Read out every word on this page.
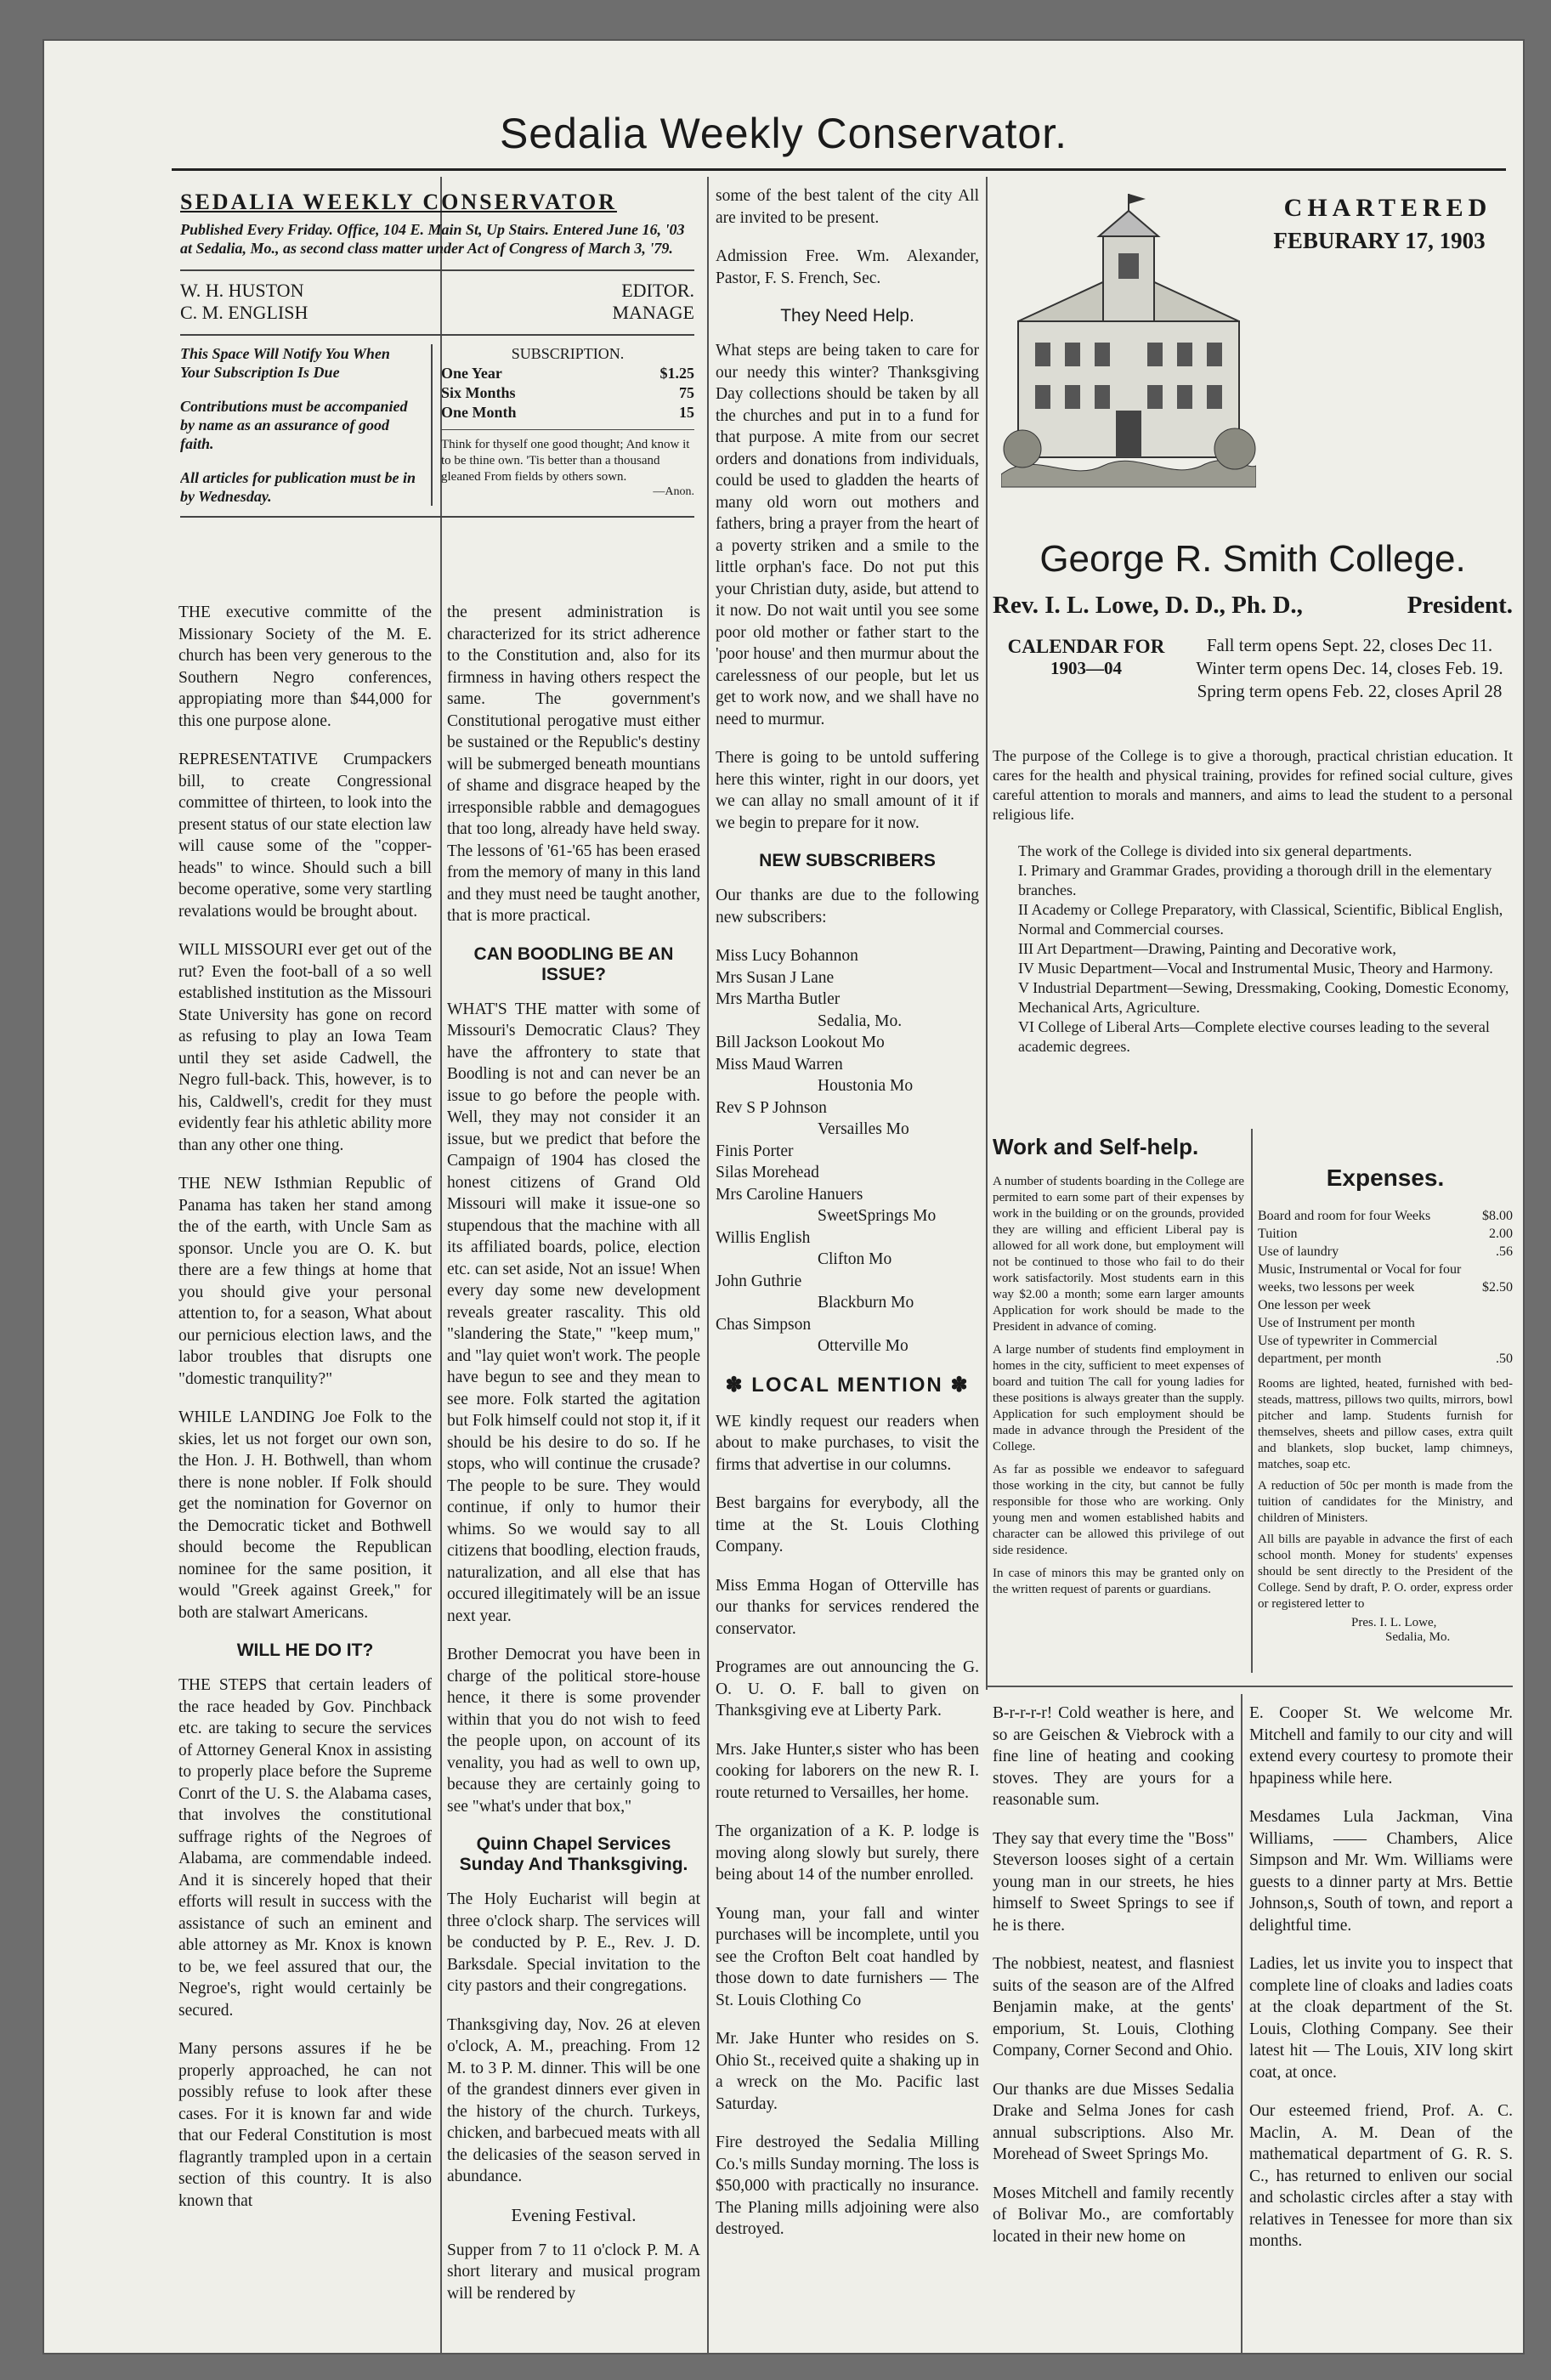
Sedalia Weekly Conservator.
SEDALIA WEEKLY CONSERVATOR
Published Every Friday. Office, 104 E. Main St, Up Stairs. Entered June 16, '03 at Sedalia, Mo., as second class matter under Act of Congress of March 3, '79.
W. H. HUSTON	EDITOR.
C. M. ENGLISH	MANAGE
This Space Will Notify You When Your Subscription Is Due
Contributions must be accompanied by name as an assurance of good faith.
All articles for publication must be in by Wednesday.
SUBSCRIPTION.
One Year	$1.25
Six Months	75
One Month	15
Think for thyself one good thought; And know it to be thine own. 'Tis better than a thousand gleaned From fields by others sown.
—Anon.

THE executive committe of the Missionary Society of the M. E. church has been very generous to the Southern Negro conferences, appropiating more than $44,000 for this one purpose alone.

REPRESENTATIVE Crumpackers bill, to create Congressional committee of thirteen, to look into the present status of our state election law will cause some of the "copper-heads" to wince. Should such a bill become operative, some very startling revalations would be brought about.

WILL MISSOURI ever get out of the rut? Even the foot-ball of a so well established institution as the Missouri State University has gone on record as refusing to play an Iowa Team until they set aside Cadwell, the Negro full-back. This, however, is to his, Caldwell's, credit for they must evidently fear his athletic ability more than any other one thing.

THE NEW Isthmian Republic of Panama has taken her stand among the of the earth, with Uncle Sam as sponsor. Uncle you are O. K. but there are a few things at home that you should give your personal attention to, for a season, What about our pernicious election laws, and the labor troubles that disrupts one "domestic tranquility?"

WHILE LANDING Joe Folk to the skies, let us not forget our own son, the Hon. J. H. Bothwell, than whom there is none nobler. If Folk should get the nomination for Governor on the Democratic ticket and Bothwell should become the Republican nominee for the same position, it would "Greek against Greek," for both are stalwart Americans.

WILL HE DO IT?

THE STEPS that certain leaders of the race headed by Gov. Pinchback etc. are taking to secure the services of Attorney General Knox in assisting to properly place before the Supreme Conrt of the U. S. the Alabama cases, that involves the constitutional suffrage rights of the Negroes of Alabama, are commendable indeed. And it is sincerely hoped that their efforts will result in success with the assistance of such an eminent and able attorney as Mr. Knox is known to be, we feel assured that our, the Negroe's, right would certainly be secured.

Many persons assures if he be properly approached, he can not possibly refuse to look after these cases. For it is known far and wide that our Federal Constitution is most flagrantly trampled upon in a certain section of this country. It is also known that

the present administration is characterized for its strict adherence to the Constitution and, also for its firmness in having others respect the same. The government's Constitutional perogative must either be sustained or the Republic's destiny will be submerged beneath mountians of shame and disgrace heaped by the irresponsible rabble and demagogues that too long, already have held sway. The lessons of '61-'65 has been erased from the memory of many in this land and they must need be taught another, that is more practical.

CAN BOODLING BE AN ISSUE?

WHAT'S THE matter with some of Missouri's Democratic Claus? They have the affrontery to state that Boodling is not and can never be an issue to go before the people with. Well, they may not consider it an issue, but we predict that before the Campaign of 1904 has closed the honest citizens of Grand Old Missouri will make it issue-one so stupendous that the machine with all its affiliated boards, police, election etc. can set aside, Not an issue! When every day some new development reveals greater rascality. This old "slandering the State," "keep mum," and "lay quiet won't work. The people have begun to see and they mean to see more. Folk started the agitation but Folk himself could not stop it, if it should be his desire to do so. If he stops, who will continue the crusade? The people to be sure. They would continue, if only to humor their whims. So we would say to all citizens that boodling, election frauds, naturalization, and all else that has occured illegitimately will be an issue next year.

Brother Democrat you have been in charge of the political store-house hence, it there is some provender within that you do not wish to feed the people upon, on account of its venality, you had as well to own up, because they are certainly going to see "what's under that box,"

Quinn Chapel Services Sunday And Thanksgiving.

The Holy Eucharist will begin at three o'clock sharp. The services will be conducted by P. E., Rev. J. D. Barksdale. Special invitation to the city pastors and their congregations.

Thanksgiving day, Nov. 26 at eleven o'clock, A. M., preaching. From 12 M. to 3 P. M. dinner. This will be one of the grandest dinners ever given in the history of the church. Turkeys, chicken, and barbecued meats with all the delicasies of the season served in abundance.

Evening Festival.

Supper from 7 to 11 o'clock P. M. A short literary and musical program will be rendered by

some of the best talent of the city All are invited to be present.

Admission Free. Wm. Alexander, Pastor, F. S. French, Sec.

They Need Help.

What steps are being taken to care for our needy this winter? Thanksgiving Day collections should be taken by all the churches and put in to a fund for that purpose. A mite from our secret orders and donations from individuals, could be used to gladden the hearts of many old worn out mothers and fathers, bring a prayer from the heart of a poverty striken and a smile to the little orphan's face. Do not put this your Christian duty, aside, but attend to it now. Do not wait until you see some poor old mother or father start to the 'poor house' and then murmur about the carelessness of our people, but let us get to work now, and we shall have no need to murmur.

There is going to be untold suffering here this winter, right in our doors, yet we can allay no small amount of it if we begin to prepare for it now.

NEW SUBSCRIBERS

Our thanks are due to the following new subscribers:

Miss Lucy Bohannon
Mrs Susan J Lane
Mrs Martha Butler
Sedalia, Mo.
Bill Jackson Lookout Mo
Miss Maud Warren
Houstonia Mo
Rev S P Johnson
Versailles Mo
Finis Porter
Silas Morehead
Mrs Caroline Hanuers
SweetSprings Mo
Willis English
Clifton Mo
John Guthrie
Blackburn Mo
Chas Simpson
Otterville Mo
✽ LOCAL MENTION ✽

WE kindly request our readers when about to make purchases, to visit the firms that advertise in our columns.

Best bargains for everybody, all the time at the St. Louis Clothing Company.

Miss Emma Hogan of Otterville has our thanks for services rendered the conservator.

Programes are out announcing the G. O. U. O. F. ball to given on Thanksgiving eve at Liberty Park.

Mrs. Jake Hunter,s sister who has been cooking for laborers on the new R. I. route returned to Versailles, her home.

The organization of a K. P. lodge is moving along slowly but surely, there being about 14 of the number enrolled.

Young man, your fall and winter purchases will be incomplete, until you see the Crofton Belt coat handled by those down to date furnishers — The St. Louis Clothing Co

Mr. Jake Hunter who resides on S. Ohio St., received quite a shaking up in a wreck on the Mo. Pacific last Saturday.

Fire destroyed the Sedalia Milling Co.'s mills Sunday morning. The loss is $50,000 with practically no insurance. The Planing mills adjoining were also destroyed.

CHARTERED
FEBURARY 17, 1903
George R. Smith College.
Rev. I. L. Lowe, D. D., Ph. D.,	President.
CALENDAR FOR
1903—04
Fall term opens Sept. 22, closes Dec 11. Winter term opens Dec. 14, closes Feb. 19. Spring term opens Feb. 22, closes April 28

The purpose of the College is to give a thorough, practical christian education. It cares for the health and physical training, provides for refined social culture, gives careful attention to morals and manners, and aims to lead the student to a personal religious life.

The work of the College is divided into six general departments.
I. Primary and Grammar Grades, providing a thorough drill in the elementary branches.
II Academy or College Preparatory, with Classical, Scientific, Biblical English, Normal and Commercial courses.
III Art Department—Drawing, Painting and Decorative work,
IV Music Department—Vocal and Instrumental Music, Theory and Harmony.
V Industrial Department—Sewing, Dressmaking, Cooking, Domestic Economy, Mechanical Arts, Agriculture.
VI College of Liberal Arts—Complete elective courses leading to the several academic degrees.
Work and Self-help.

A number of students boarding in the College are permited to earn some part of their expenses by work in the building or on the grounds, provided they are willing and efficient Liberal pay is allowed for all work done, but employment will not be continued to those who fail to do their work satisfactorily. Most students earn in this way $2.00 a month; some earn larger amounts Application for work should be made to the President in advance of coming.

A large number of students find employment in homes in the city, sufficient to meet expenses of board and tuition The call for young ladies for these positions is always greater than the supply. Application for such employment should be made in advance through the President of the College.

As far as possible we endeavor to safeguard those working in the city, but cannot be fully responsible for those who are working. Only young men and women established habits and character can be allowed this privilege of out side residence.

In case of minors this may be granted only on the written request of parents or guardians.

Expenses.
Board and room for four Weeks	$8.00
Tuition	2.00
Use of laundry	.56
Music, Instrumental or Vocal for four weeks, two lessons per week	$2.50
One lesson per week
Use of Instrument per month
Use of typewriter in Commercial department, per month	.50

Rooms are lighted, heated, furnished with bed-steads, mattress, pillows two quilts, mirrors, bowl pitcher and lamp. Students furnish for themselves, sheets and pillow cases, extra quilt and blankets, slop bucket, lamp chimneys, matches, soap etc.

A reduction of 50c per month is made from the tuition of candidates for the Ministry, and children of Ministers.

All bills are payable in advance the first of each school month. Money for students' expenses should be sent directly to the President of the College. Send by draft, P. O. order, express order or registered letter to

Pres. I. L. Lowe,
Sedalia, Mo.

B-r-r-r-r! Cold weather is here, and so are Geischen & Viebrock with a fine line of heating and cooking stoves. They are yours for a reasonable sum.

They say that every time the "Boss" Steverson looses sight of a certain young man in our streets, he hies himself to Sweet Springs to see if he is there.

The nobbiest, neatest, and flasniest suits of the season are of the Alfred Benjamin make, at the gents' emporium, St. Louis, Clothing Company, Corner Second and Ohio.

Our thanks are due Misses Sedalia Drake and Selma Jones for cash annual subscriptions. Also Mr. Morehead of Sweet Springs Mo.

Moses Mitchell and family recently of Bolivar Mo., are comfortably located in their new home on

E. Cooper St. We welcome Mr. Mitchell and family to our city and will extend every courtesy to promote their hpapiness while here.

Mesdames Lula Jackman, Vina Williams, —— Chambers, Alice Simpson and Mr. Wm. Williams were guests to a dinner party at Mrs. Bettie Johnson,s, South of town, and report a delightful time.

Ladies, let us invite you to inspect that complete line of cloaks and ladies coats at the cloak department of the St. Louis, Clothing Company. See their latest hit — The Louis, XIV long skirt coat, at once.

Our esteemed friend, Prof. A. C. Maclin, A. M. Dean of the mathematical department of G. R. S. C., has returned to enliven our social and scholastic circles after a stay with relatives in Tenessee for more than six months.
